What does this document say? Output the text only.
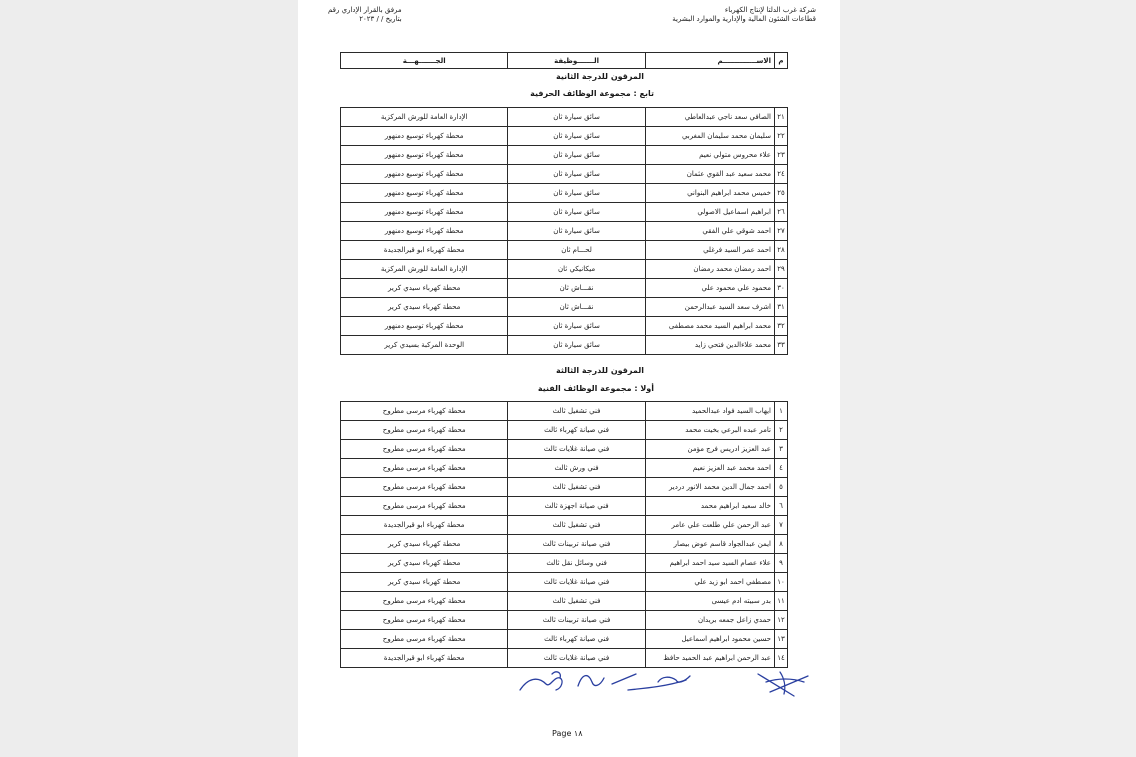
شركة غرب الدلتا لإنتاج الكهرباء
قطاعات الشئون المالية والإدارية والموارد البشرية
مرفق بالقرار الإداري رقم
بتاريخ / / ٢٠٢٣
م	الاســــــــــــــم	الـــــــوظيفة	الجـــــــهـــة
المرقون للدرجة الثانية
تابع : مجموعة الوظائف الحرفية
٢١	الصافي سعد ناجي عبدالعاطي	سائق سيارة ثان	الإدارة العامة للورش المركزية
٢٢	سليمان محمد سليمان المغربي	سائق سيارة ثان	محطة كهرباء توسيع دمنهور
٢٣	علاء محروس متولي نعيم	سائق سيارة ثان	محطة كهرباء توسيع دمنهور
٢٤	محمد سعيد عبد القوي عثمان	سائق سيارة ثان	محطة كهرباء توسيع دمنهور
٢٥	خميس محمد ابراهيم البنواني	سائق سيارة ثان	محطة كهرباء توسيع دمنهور
٢٦	ابراهيم اسماعيل الاصولي	سائق سيارة ثان	محطة كهرباء توسيع دمنهور
٢٧	احمد شوقي علي الفقي	سائق سيارة ثان	محطة كهرباء توسيع دمنهور
٢٨	احمد عمر السيد فرغلي	لحـــام ثان	محطة كهرباء ابو قيرالجديدة
٢٩	احمد رمضان محمد رمضان	ميكانيكي ثان	الإدارة العامة للورش المركزية
٣٠	محمود علي محمود علي	نقـــاش ثان	محطة كهرباء سيدي كرير
٣١	اشرف سعد السيد عبدالرحمن	نقـــاش ثان	محطة كهرباء سيدي كرير
٣٢	محمد ابراهيم السيد محمد مصطفى	سائق سيارة ثان	محطة كهرباء توسيع دمنهور
٣٣	محمد علاءالدين فتحي زايد	سائق سيارة ثان	الوحدة المركبة بسيدي كرير
المرقون للدرجة الثالثة
أولا : مجموعة الوظائف الفنية
١	ايهاب السيد فواد عبدالحميد	فني تشغيل ثالث	محطة كهرباء مرسى مطروح
٢	تامر عبده البرعي بخيت محمد	فني صيانة كهرباء ثالث	محطة كهرباء مرسى مطروح
٣	عبد العزيز ادريس فرج مؤمن	فني صيانة غلايات ثالث	محطة كهرباء مرسى مطروح
٤	احمد محمد عبد العزيز نعيم	فني ورش ثالث	محطة كهرباء مرسى مطروح
٥	احمد جمال الدين محمد الانور دردير	فني تشغيل ثالث	محطة كهرباء مرسى مطروح
٦	خالد سعيد ابراهيم محمد	فني صيانة اجهزة ثالث	محطة كهرباء مرسى مطروح
٧	عبد الرحمن علي طلعت علي عامر	فني تشغيل ثالث	محطة كهرباء ابو قيرالجديدة
٨	ايمن عبدالجواد قاسم عوض بيصار	فني صيانة تربينات ثالث	محطة كهرباء سيدي كرير
٩	علاء عصام السيد سيد احمد ابراهيم	فني وسائل نقل ثالث	محطة كهرباء سيدي كرير
١٠	مصطفي احمد ابو زيد علي	فني صيانة غلايات ثالث	محطة كهرباء سيدي كرير
١١	بدر سبيته ادم عيسى	فني تشغيل ثالث	محطة كهرباء مرسى مطروح
١٢	حمدي زاعل جمعه بريدان	فني صيانة تربينات ثالث	محطة كهرباء مرسى مطروح
١٣	حسين محمود ابراهيم اسماعيل	فني صيانة كهرباء ثالث	محطة كهرباء مرسى مطروح
١٤	عبد الرحمن ابراهيم عبد الحميد حافظ	فني صيانة غلايات ثالث	محطة كهرباء ابو قيرالجديدة
Page ١٨
